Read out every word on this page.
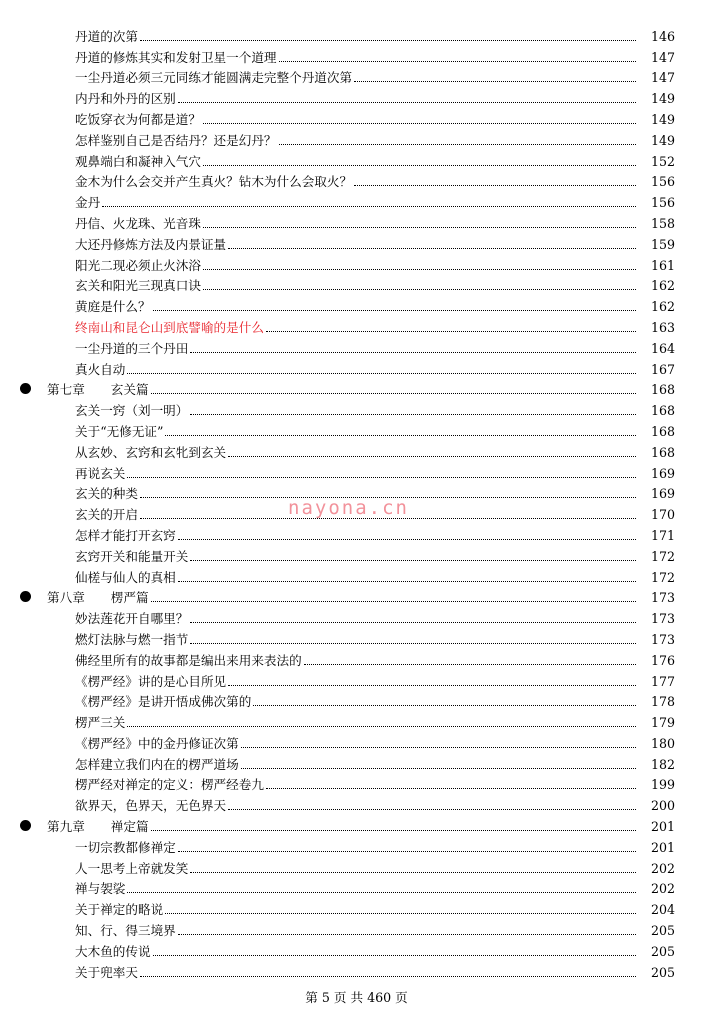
丹道的次第	146
丹道的修炼其实和发射卫星一个道理	147
一尘丹道必须三元同练才能圆满走完整个丹道次第	147
内丹和外丹的区别	149
吃饭穿衣为何都是道？	149
怎样鉴别自己是否结丹？还是幻丹？	149
观鼻端白和凝神入气穴	152
金木为什么会交并产生真火？钻木为什么会取火？	156
金丹	156
丹信、火龙珠、光音珠	158
大还丹修炼方法及内景证量	159
阳光二现必须止火沐浴	161
玄关和阳光三现真口诀	162
黄庭是什么？	162
终南山和昆仑山到底譬喻的是什么	163
一尘丹道的三个丹田	164
真火自动	167
第七章 玄关篇	168
玄关一窍（刘一明）	168
关于“无修无证”	168
从玄妙、玄窍和玄牝到玄关	168
再说玄关	169
玄关的种类	169
玄关的开启	170
怎样才能打开玄窍	171
玄窍开关和能量开关	172
仙槎与仙人的真相	172
第八章 楞严篇	173
妙法莲花开自哪里？	173
燃灯法脉与燃一指节	173
佛经里所有的故事都是编出来用来表法的	176
《楞严经》讲的是心目所见	177
《楞严经》是讲开悟成佛次第的	178
楞严三关	179
《楞严经》中的金丹修证次第	180
怎样建立我们内在的楞严道场	182
楞严经对禅定的定义：楞严经卷九	199
欲界天，色界天，无色界天	200
第九章 禅定篇	201
一切宗教都修禅定	201
人一思考上帝就发笑	202
禅与袈裟	202
关于禅定的略说	204
知、行、得三境界	205
大木鱼的传说	205
关于兜率天	205
nayona.cn
第 5 页 共 460 页
